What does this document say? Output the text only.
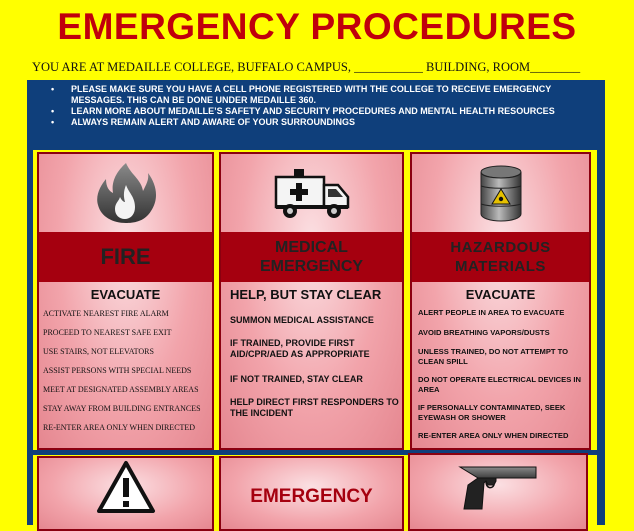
EMERGENCY PROCEDURES
YOU ARE AT MEDAILLE COLLEGE, BUFFALO CAMPUS, ___________ BUILDING, ROOM________
• PLEASE MAKE SURE YOU HAVE A CELL PHONE REGISTERED WITH THE COLLEGE TO RECEIVE EMERGENCY MESSAGES. THIS CAN BE DONE UNDER MEDAILLE 360.
• LEARN MORE ABOUT MEDAILLE’S SAFETY AND SECURITY PROCEDURES AND MENTAL HEALTH RESOURCES
• ALWAYS REMAIN ALERT AND AWARE OF YOUR SURROUNDINGS
FIRE
EVACUATE
ACTIVATE NEAREST FIRE ALARM
PROCEED TO NEAREST SAFE EXIT
USE STAIRS, NOT ELEVATORS
ASSIST PERSONS WITH SPECIAL NEEDS
MEET AT DESIGNATED ASSEMBLY AREAS
STAY AWAY FROM BUILDING ENTRANCES
RE-ENTER AREA ONLY WHEN DIRECTED
MEDICAL
EMERGENCY
HELP, BUT STAY CLEAR
SUMMON MEDICAL ASSISTANCE
IF TRAINED, PROVIDE FIRST AID/CPR/AED AS APPROPRIATE
IF NOT TRAINED, STAY CLEAR
HELP DIRECT FIRST RESPONDERS TO THE INCIDENT
HAZARDOUS
MATERIALS
EVACUATE
ALERT PEOPLE IN AREA TO EVACUATE
AVOID BREATHING VAPORS/DUSTS
UNLESS TRAINED, DO NOT ATTEMPT TO CLEAN SPILL
DO NOT OPERATE ELECTRICAL DEVICES IN AREA
IF PERSONALLY CONTAMINATED, SEEK EYEWASH OR SHOWER
RE-ENTER AREA ONLY WHEN DIRECTED
EMERGENCY
